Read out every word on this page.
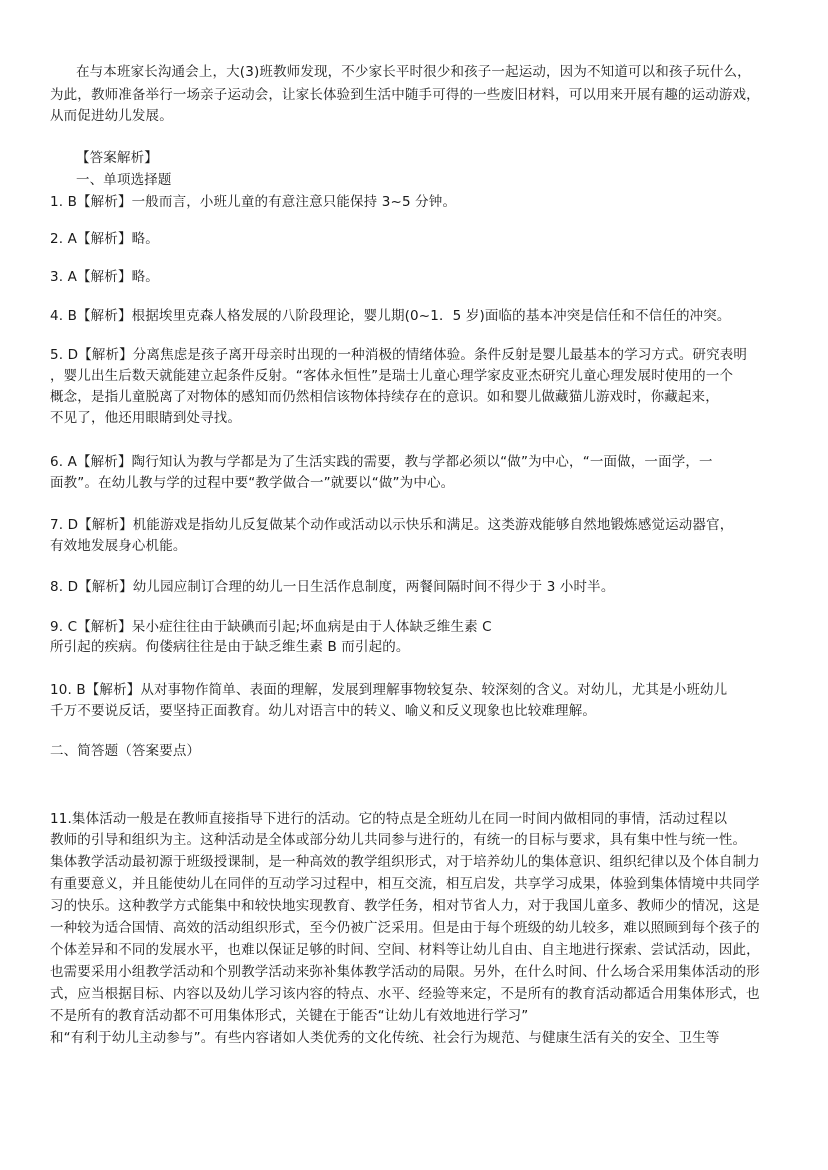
在与本班家长沟通会上，大(3)班教师发现，不少家长平时很少和孩子一起运动，因为不知道可以和孩子玩什么，
为此，教师准备举行一场亲子运动会，让家长体验到生活中随手可得的一些废旧材料，可以用来开展有趣的运动游戏，
从而促进幼儿发展。
【答案解析】
一、单项选择题
1. B【解析】一般而言，小班儿童的有意注意只能保持 3~5 分钟。
2. A【解析】略。
3. A【解析】略。
4. B【解析】根据埃里克森人格发展的八阶段理论，婴儿期(0~1．5 岁)面临的基本冲突是信任和不信任的冲突。
5. D【解析】分离焦虑是孩子离开母亲时出现的一种消极的情绪体验。条件反射是婴儿最基本的学习方式。研究表明
，婴儿出生后数天就能建立起条件反射。“客体永恒性”是瑞士儿童心理学家皮亚杰研究儿童心理发展时使用的一个
概念，是指儿童脱离了对物体的感知而仍然相信该物体持续存在的意识。如和婴儿做藏猫儿游戏时，你藏起来，
不见了，他还用眼睛到处寻找。
6. A【解析】陶行知认为教与学都是为了生活实践的需要，教与学都必须以“做”为中心，“一面做，一面学，一
面教”。在幼儿教与学的过程中要“教学做合一”就要以“做”为中心。
7. D【解析】机能游戏是指幼儿反复做某个动作或活动以示快乐和满足。这类游戏能够自然地锻炼感觉运动器官，
有效地发展身心机能。
8. D【解析】幼儿园应制订合理的幼儿一日生活作息制度，两餐间隔时间不得少于 3 小时半。
9. C【解析】呆小症往往由于缺碘而引起;坏血病是由于人体缺乏维生素 C
所引起的疾病。佝偻病往往是由于缺乏维生素 B 而引起的。
10. B【解析】从对事物作简单、表面的理解，发展到理解事物较复杂、较深刻的含义。对幼儿，尤其是小班幼儿
千万不要说反话，要坚持正面教育。幼儿对语言中的转义、喻义和反义现象也比较难理解。
二、简答题（答案要点）
11.集体活动一般是在教师直接指导下进行的活动。它的特点是全班幼儿在同一时间内做相同的事情，活动过程以
教师的引导和组织为主。这种活动是全体或部分幼儿共同参与进行的，有统一的目标与要求，具有集中性与统一性。
集体教学活动最初源于班级授课制，是一种高效的教学组织形式，对于培养幼儿的集体意识、组织纪律以及个体自制力
有重要意义，并且能使幼儿在同伴的互动学习过程中，相互交流，相互启发，共享学习成果，体验到集体情境中共同学
习的快乐。这种教学方式能集中和较快地实现教育、教学任务，相对节省人力，对于我国儿童多、教师少的情况，这是
一种较为适合国情、高效的活动组织形式，至今仍被广泛采用。但是由于每个班级的幼儿较多，难以照顾到每个孩子的
个体差异和不同的发展水平，也难以保证足够的时间、空间、材料等让幼儿自由、自主地进行探索、尝试活动，因此，
也需要采用小组教学活动和个别教学活动来弥补集体教学活动的局限。另外，在什么时间、什么场合采用集体活动的形
式，应当根据目标、内容以及幼儿学习该内容的特点、水平、经验等来定，不是所有的教育活动都适合用集体形式，也
不是所有的教育活动都不可用集体形式，关键在于能否“让幼儿有效地进行学习”
和“有利于幼儿主动参与”。有些内容诸如人类优秀的文化传统、社会行为规范、与健康生活有关的安全、卫生等
